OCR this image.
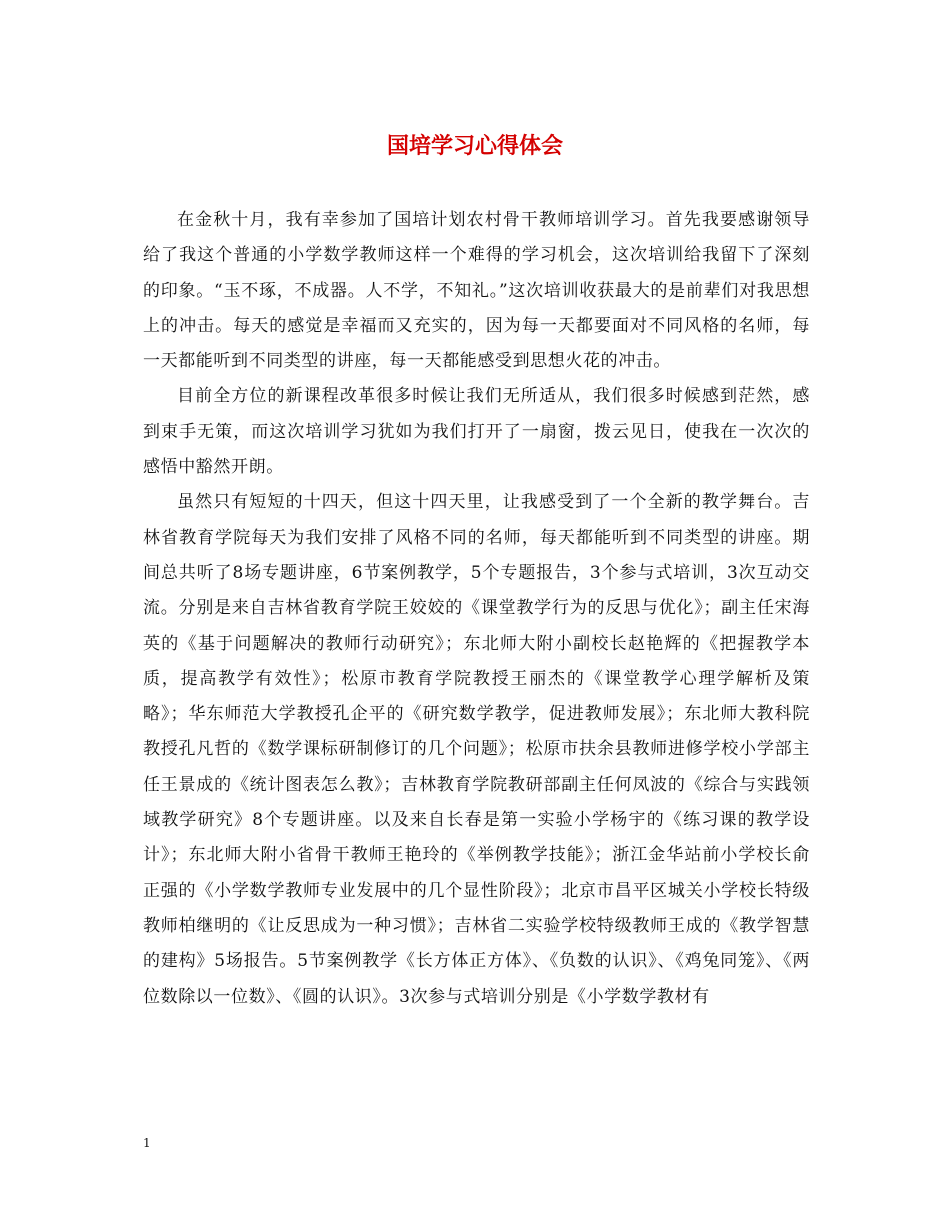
国培学习心得体会

在金秋十月，我有幸参加了国培计划农村骨干教师培训学习。首先我要感谢领导给了我这个普通的小学数学教师这样一个难得的学习机会，这次培训给我留下了深刻的印象。“玉不琢，不成器。人不学，不知礼。”这次培训收获最大的是前辈们对我思想上的冲击。每天的感觉是幸福而又充实的，因为每一天都要面对不同风格的名师，每一天都能听到不同类型的讲座，每一天都能感受到思想火花的冲击。

目前全方位的新课程改革很多时候让我们无所适从，我们很多时候感到茫然，感到束手无策，而这次培训学习犹如为我们打开了一扇窗，拨云见日，使我在一次次的感悟中豁然开朗。

虽然只有短短的十四天，但这十四天里，让我感受到了一个全新的教学舞台。吉林省教育学院每天为我们安排了风格不同的名师，每天都能听到不同类型的讲座。期间总共听了8场专题讲座，6节案例教学，5个专题报告，3个参与式培训，3次互动交流。分别是来自吉林省教育学院王姣姣的《课堂教学行为的反思与优化》；副主任宋海英的《基于问题解决的教师行动研究》；东北师大附小副校长赵艳辉的《把握教学本质，提高教学有效性》；松原市教育学院教授王丽杰的《课堂教学心理学解析及策略》；华东师范大学教授孔企平的《研究数学教学，促进教师发展》；东北师大教科院教授孔凡哲的《数学课标研制修订的几个问题》；松原市扶余县教师进修学校小学部主任王景成的《统计图表怎么教》；吉林教育学院教研部副主任何凤波的《综合与实践领域教学研究》8个专题讲座。以及来自长春是第一实验小学杨宇的《练习课的教学设计》；东北师大附小省骨干教师王艳玲的《举例教学技能》；浙江金华站前小学校长俞正强的《小学数学教师专业发展中的几个显性阶段》；北京市昌平区城关小学校长特级教师柏继明的《让反思成为一种习惯》；吉林省二实验学校特级教师王成的《教学智慧的建构》5场报告。5节案例教学《长方体正方体》、《负数的认识》、《鸡兔同笼》、《两位数除以一位数》、《圆的认识》。3次参与式培训分别是《小学数学教材有

1
